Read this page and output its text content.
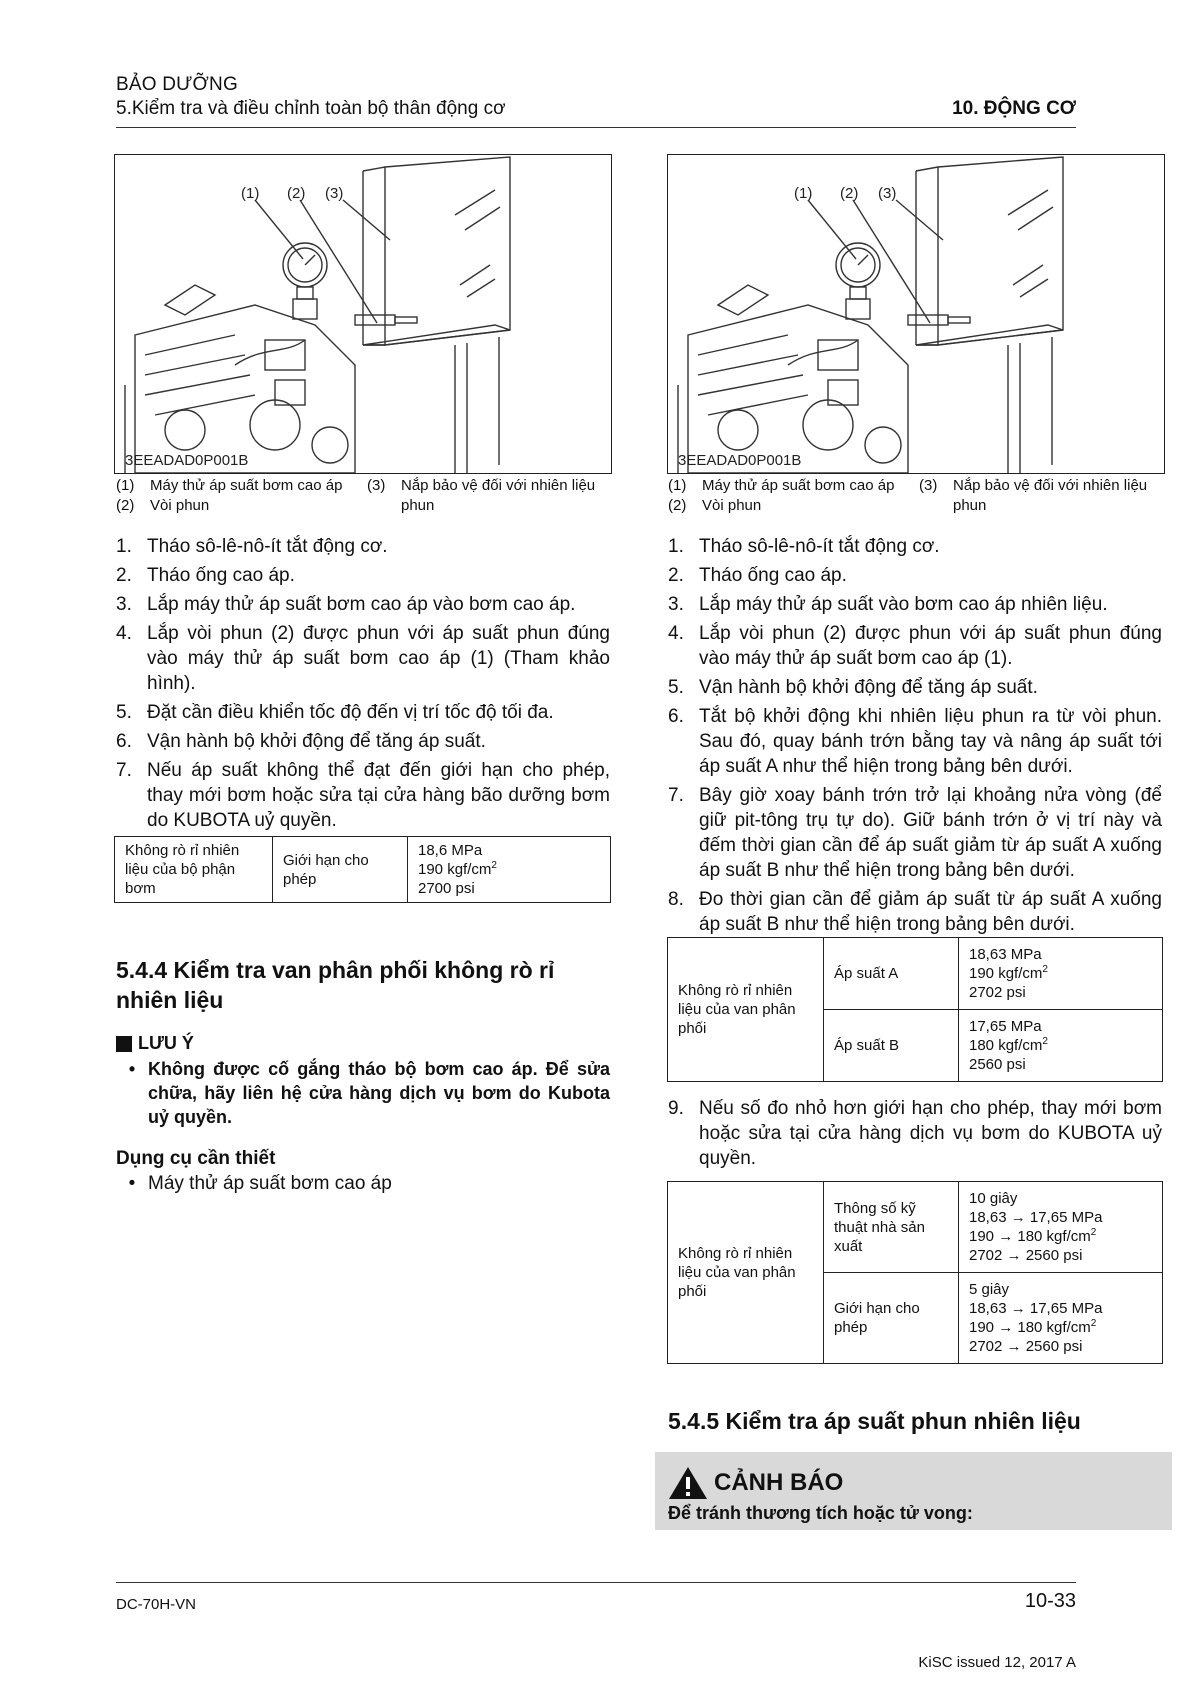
BẢO DƯỠNG
5.Kiểm tra và điều chỉnh toàn bộ thân động cơ	10. ĐỘNG CƠ
(1) (2) (3)
3EEADAD0P001B
(1) (2) (3)
3EEADAD0P001B
(1) Máy thử áp suất bơm cao áp	(3)	Nắp bảo vệ đối với nhiên liệu phun
(2) Vòi phun
(1) Máy thử áp suất bơm cao áp	(3)	Nắp bảo vệ đối với nhiên liệu phun
(2) Vòi phun
1. Tháo sô-lê-nô-ít tắt động cơ.
2. Tháo ống cao áp.
3. Lắp máy thử áp suất bơm cao áp vào bơm cao áp.
4. Lắp vòi phun (2) được phun với áp suất phun đúng vào máy thử áp suất bơm cao áp (1) (Tham khảo hình).
5. Đặt cần điều khiển tốc độ đến vị trí tốc độ tối đa.
6. Vận hành bộ khởi động để tăng áp suất.
7. Nếu áp suất không thể đạt đến giới hạn cho phép, thay mới bơm hoặc sửa tại cửa hàng bão dưỡng bơm do KUBOTA uỷ quyền.
Không rò rỉ nhiên liệu của bộ phận bơm	Giới hạn cho phép	
18,6 MPa
190 kgf/$cm^2$
2700 psi
5.4.4 Kiểm tra van phân phối không rò rỉ nhiên liệu
LƯU Ý
• Không được cố gắng tháo bộ bơm cao áp. Để sửa chữa, hãy liên hệ cửa hàng dịch vụ bơm do Kubota uỷ quyền.
Dụng cụ cần thiết
• Máy thử áp suất bơm cao áp
1. Tháo sô-lê-nô-ít tắt động cơ.
2. Tháo ống cao áp.
3. Lắp máy thử áp suất vào bơm cao áp nhiên liệu.
4. Lắp vòi phun (2) được phun với áp suất phun đúng vào máy thử áp suất bơm cao áp (1).
5. Vận hành bộ khởi động để tăng áp suất.
6. Tắt bộ khởi động khi nhiên liệu phun ra từ vòi phun. Sau đó, quay bánh trớn bằng tay và nâng áp suất tới áp suất A như thể hiện trong bảng bên dưới.
7. Bây giờ xoay bánh trớn trở lại khoảng nửa vòng (để giữ pit-tông trụ tự do). Giữ bánh trớn ở vị trí này và đếm thời gian cần để áp suất giảm từ áp suất A xuống áp suất B như thể hiện trong bảng bên dưới.
8. Đo thời gian cần để giảm áp suất từ áp suất A xuống áp suất B như thể hiện trong bảng bên dưới.
Không rò rỉ nhiên liệu của van phân phối	Áp suất A	18,63 MPa
190 kgf/$cm^2$
2702 psi

	Áp suất B	17,65 MPa
180 kgf/$cm^2$
2560 psi
9. Nếu số đo nhỏ hơn giới hạn cho phép, thay mới bơm hoặc sửa tại cửa hàng dịch vụ bơm do KUBOTA uỷ quyền.
Không rò rỉ nhiên liệu của van phân phối	Thông số kỹ thuật nhà sản xuất	10 giây
18,63 → 17,65 MPa
190 → 180 kgf/$cm^2$
2702 → 2560 psi

	Giới hạn cho phép	5 giây
18,63 → 17,65 MPa
190 → 180 kgf/$cm^2$
2702 → 2560 psi
5.4.5 Kiểm tra áp suất phun nhiên liệu
CẢNH BÁO
Để tránh thương tích hoặc tử vong:
DC-70H-VN	10-33
KiSC issued 12, 2017 A
